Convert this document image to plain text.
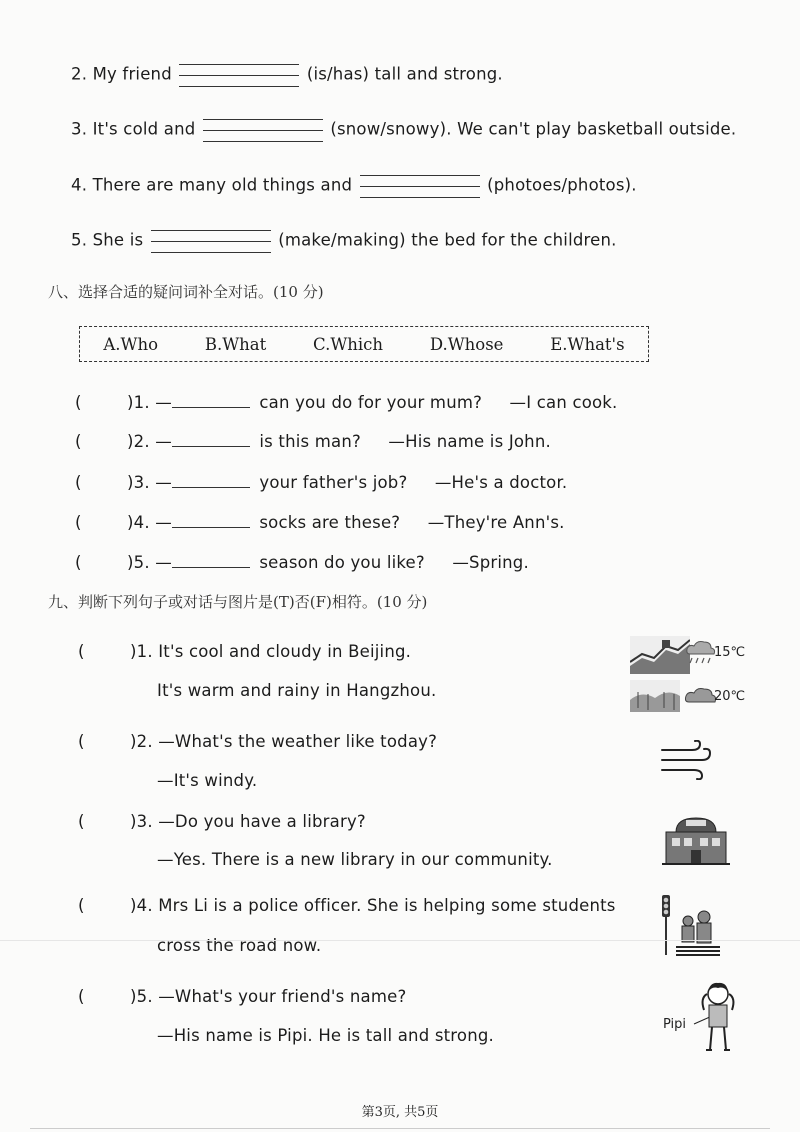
2. My friend	(is/has) tall and strong.
3. It's cold and	(snow/snowy). We can't play basketball outside.
4. There are many old things and	(photoes/photos).
5. She is	(make/making) the bed for the children.
八、选择合适的疑问词补全对话。(10 分)
A.Who	B.What	C.Which	D.Whose	E.What's
(	)1. —	can you do for your mum? —I can cook.
(	)2. —	is this man? —His name is John.
(	)3. —	your father's job? —He's a doctor.
(	)4. —	socks are these? —They're Ann's.
(	)5. —	season do you like? —Spring.
九、判断下列句子或对话与图片是(T)否(F)相符。(10 分)
(	)1. It's cool and cloudy in Beijing.
It's warm and rainy in Hangzhou.
(	)2. —What's the weather like today?
—It's windy.
(	)3. —Do you have a library?
—Yes. There is a new library in our community.
(	)4. Mrs Li is a police officer. She is helping some students
cross the road now.
(	)5. —What's your friend's name?
—His name is Pipi. He is tall and strong.
15℃
20℃
Pipi
第3页, 共5页
